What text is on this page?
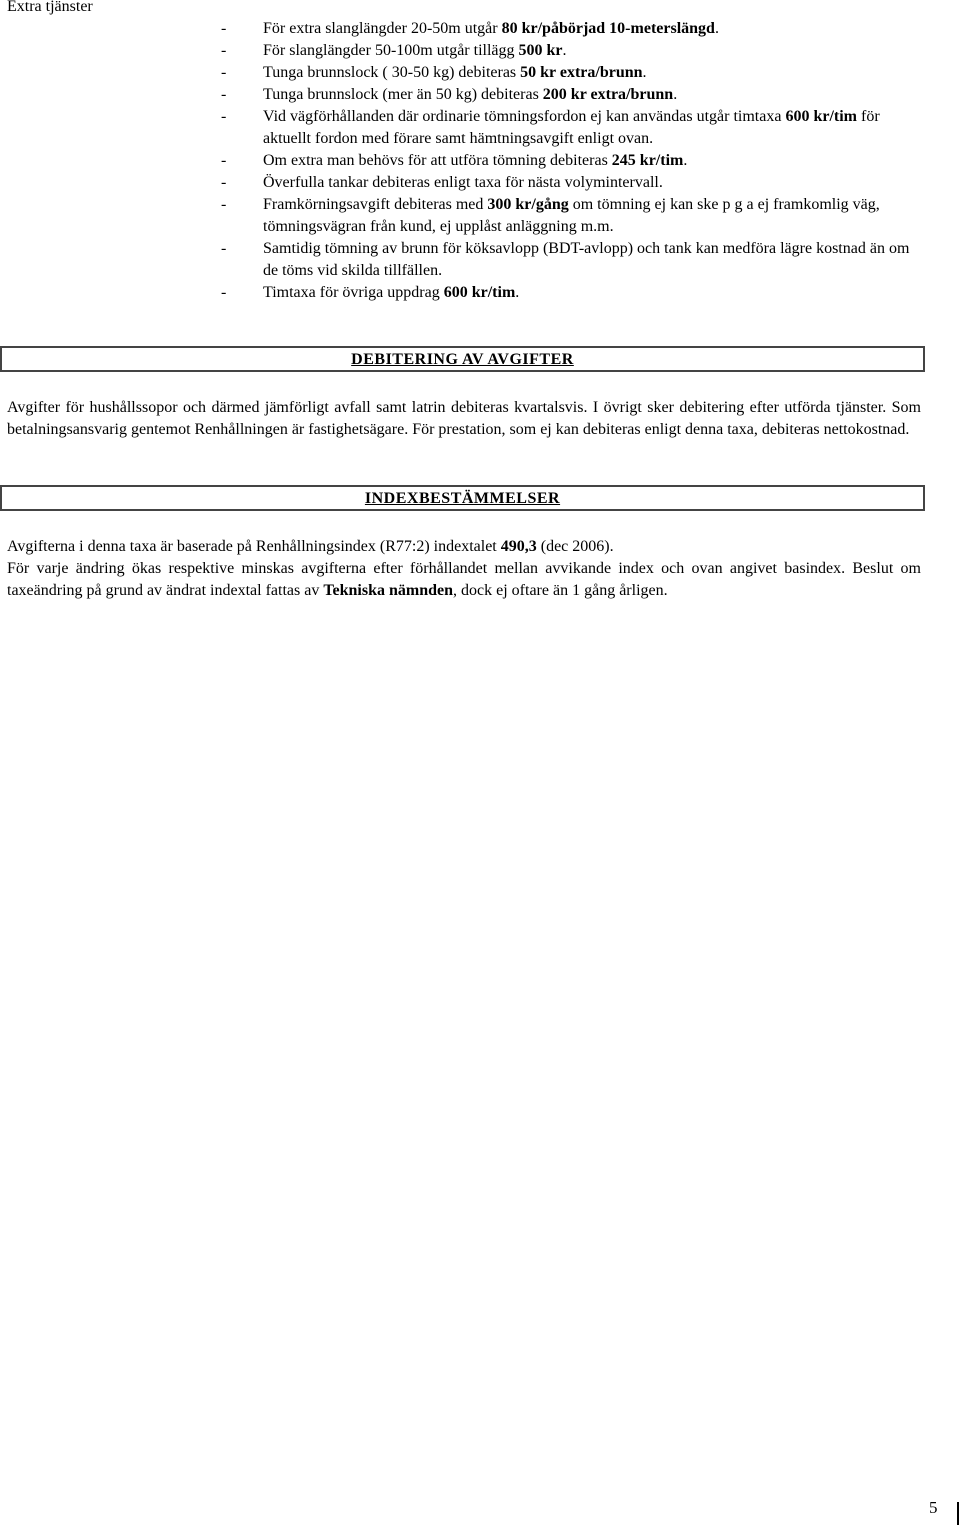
Extra tjänster
- För extra slanglängder 20-50m utgår 80 kr/påbörjad 10-meterslängd.
- För slanglängder 50-100m utgår tillägg 500 kr.
- Tunga brunnslock ( 30-50 kg) debiteras 50 kr extra/brunn.
- Tunga brunnslock (mer än 50 kg) debiteras 200 kr extra/brunn.
- Vid vägförhållanden där ordinarie tömningsfordon ej kan användas utgår timtaxa 600 kr/tim för aktuellt fordon med förare samt hämtningsavgift enligt ovan.
- Om extra man behövs för att utföra tömning debiteras 245 kr/tim.
- Överfulla tankar debiteras enligt taxa för nästa volymintervall.
- Framkörningsavgift debiteras med 300 kr/gång om tömning ej kan ske p g a ej framkomlig väg, tömningsvägran från kund, ej upplåst anläggning m.m.
- Samtidig tömning av brunn för köksavlopp (BDT-avlopp) och tank kan medföra lägre kostnad än om de töms vid skilda tillfällen.
- Timtaxa för övriga uppdrag 600 kr/tim.
DEBITERING AV AVGIFTER
Avgifter för hushållssopor och därmed jämförligt avfall samt latrin debiteras kvartalsvis. I övrigt sker debitering efter utförda tjänster. Som betalningsansvarig gentemot Renhållningen är fastighetsägare. För prestation, som ej kan debiteras enligt denna taxa, debiteras nettokostnad.
INDEXBESTÄMMELSER
Avgifterna i denna taxa är baserade på Renhållningsindex (R77:2) indextalet 490,3 (dec 2006).
För varje ändring ökas respektive minskas avgifterna efter förhållandet mellan avvikande index och ovan angivet basindex. Beslut om taxeändring på grund av ändrat indextal fattas av Tekniska nämnden, dock ej oftare än 1 gång årligen.
5
